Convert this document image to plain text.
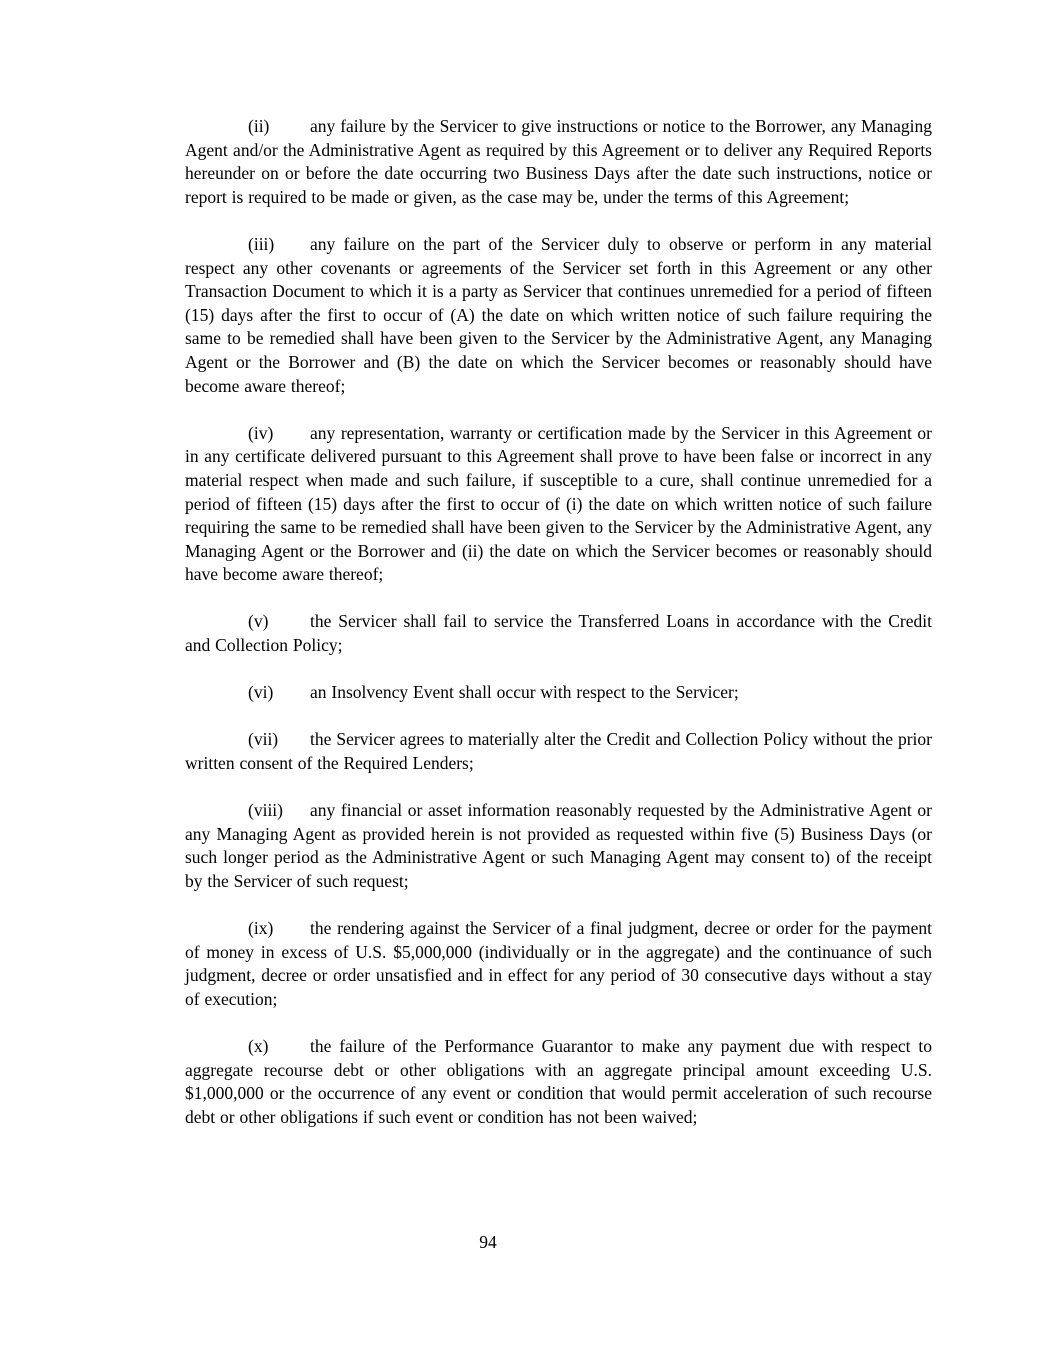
(ii) any failure by the Servicer to give instructions or notice to the Borrower, any Managing Agent and/or the Administrative Agent as required by this Agreement or to deliver any Required Reports hereunder on or before the date occurring two Business Days after the date such instructions, notice or report is required to be made or given, as the case may be, under the terms of this Agreement;

(iii) any failure on the part of the Servicer duly to observe or perform in any material respect any other covenants or agreements of the Servicer set forth in this Agreement or any other Transaction Document to which it is a party as Servicer that continues unremedied for a period of fifteen (15) days after the first to occur of (A) the date on which written notice of such failure requiring the same to be remedied shall have been given to the Servicer by the Administrative Agent, any Managing Agent or the Borrower and (B) the date on which the Servicer becomes or reasonably should have become aware thereof;

(iv) any representation, warranty or certification made by the Servicer in this Agreement or in any certificate delivered pursuant to this Agreement shall prove to have been false or incorrect in any material respect when made and such failure, if susceptible to a cure, shall continue unremedied for a period of fifteen (15) days after the first to occur of (i) the date on which written notice of such failure requiring the same to be remedied shall have been given to the Servicer by the Administrative Agent, any Managing Agent or the Borrower and (ii) the date on which the Servicer becomes or reasonably should have become aware thereof;

(v) the Servicer shall fail to service the Transferred Loans in accordance with the Credit and Collection Policy;

(vi) an Insolvency Event shall occur with respect to the Servicer;

(vii) the Servicer agrees to materially alter the Credit and Collection Policy without the prior written consent of the Required Lenders;

(viii) any financial or asset information reasonably requested by the Administrative Agent or any Managing Agent as provided herein is not provided as requested within five (5) Business Days (or such longer period as the Administrative Agent or such Managing Agent may consent to) of the receipt by the Servicer of such request;

(ix) the rendering against the Servicer of a final judgment, decree or order for the payment of money in excess of U.S. $5,000,000 (individually or in the aggregate) and the continuance of such judgment, decree or order unsatisfied and in effect for any period of 30 consecutive days without a stay of execution;

(x) the failure of the Performance Guarantor to make any payment due with respect to aggregate recourse debt or other obligations with an aggregate principal amount exceeding U.S. $1,000,000 or the occurrence of any event or condition that would permit acceleration of such recourse debt or other obligations if such event or condition has not been waived;

94
